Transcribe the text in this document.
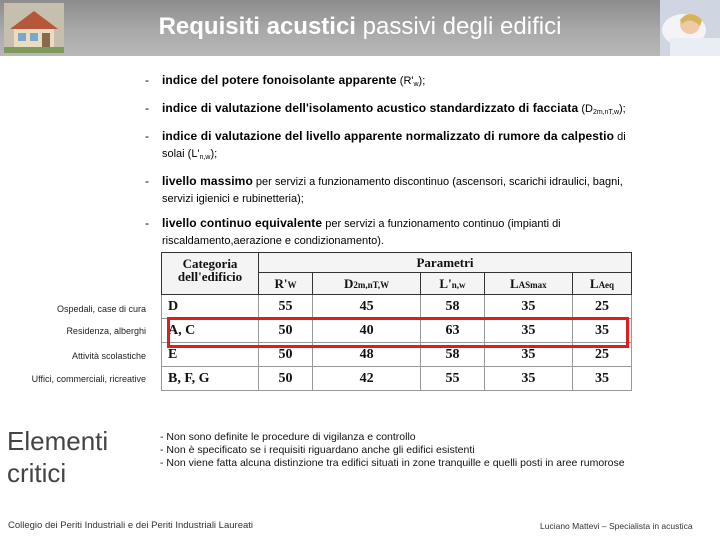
Requisiti acustici passivi degli edifici
- indice del potere fonoisolante apparente $(R'_w)$;
- indice di valutazione dell'isolamento acustico standardizzato di facciata $(D_{2m,nT,w})$;
- indice di valutazione del livello apparente normalizzato di rumore da calpestio di
solai $(L'_{n,w})$;
- livello massimo per servizi a funzionamento discontinuo (ascensori, scarichi idraulici, bagni,
servizi igienici e rubinetteria);
- livello continuo equivalente per servizi a funzionamento continuo (impianti di
riscaldamento,aerazione e condizionamento).
Ospedali, case di cura
Residenza, alberghi
Attività scolastiche
Uffici, commerciali, ricreative
Categoria dell'edificio	Parametri				
	R'W	D2m,nT,W	L'n,w	LASmax	LAeq
D	55	45	58	35	25
A, C	50	40	63	35	35
E	50	48	58	35	25
B, F, G	50	42	55	35	35
Elementi critici
- Non sono definite le procedure di vigilanza e controllo
- Non è specificato se i requisiti riguardano anche gli edifici esistenti
- Non viene fatta alcuna distinzione tra edifici situati in zone tranquille e quelli posti in aree rumorose
Collegio dei Periti Industriali e dei Periti Industriali Laureati	Luciano Mattevi – Specialista in acustica
